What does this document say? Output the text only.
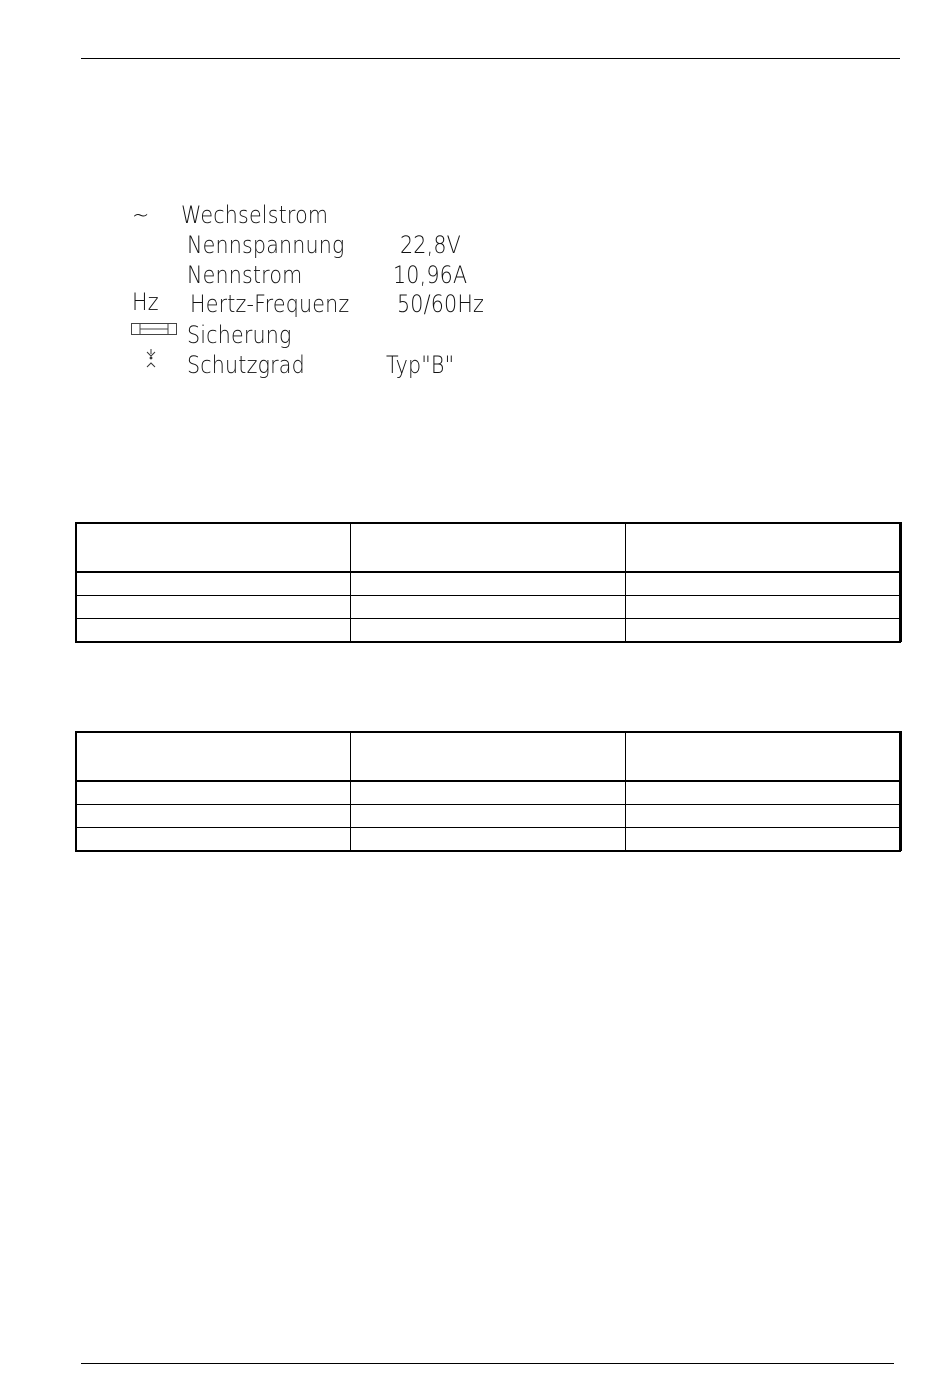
~ Wechselstrom
Nennspannung 22,8V
Nennstrom	10,96A
Hz Hertz-Frequenz 50/60Hz
Sicherung
Schutzgrad	Typ"B"
